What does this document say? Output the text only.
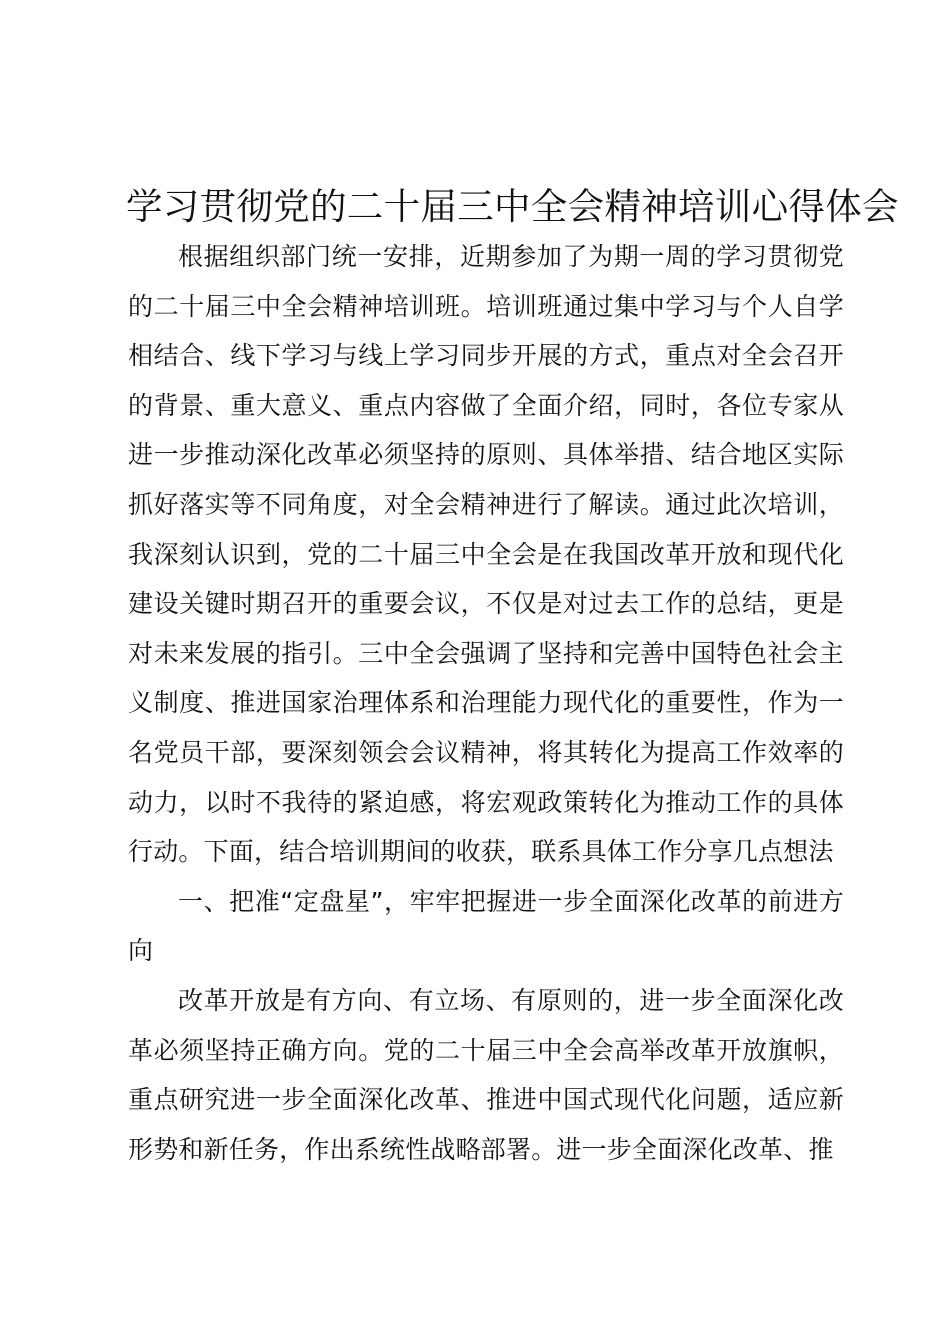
学习贯彻党的二十届三中全会精神培训心得体会

根据组织部门统一安排，近期参加了为期一周的学习贯彻党的二十届三中全会精神培训班。培训班通过集中学习与个人自学相结合、线下学习与线上学习同步开展的方式，重点对全会召开的背景、重大意义、重点内容做了全面介绍，同时，各位专家从进一步推动深化改革必须坚持的原则、具体举措、结合地区实际抓好落实等不同角度，对全会精神进行了解读。通过此次培训，我深刻认识到，党的二十届三中全会是在我国改革开放和现代化建设关键时期召开的重要会议，不仅是对过去工作的总结，更是对未来发展的指引。三中全会强调了坚持和完善中国特色社会主义制度、推进国家治理体系和治理能力现代化的重要性，作为一名党员干部，要深刻领会会议精神，将其转化为提高工作效率的动力，以时不我待的紧迫感，将宏观政策转化为推动工作的具体行动。下面，结合培训期间的收获，联系具体工作分享几点想法

一、把准“定盘星”，牢牢把握进一步全面深化改革的前进方向

改革开放是有方向、有立场、有原则的，进一步全面深化改革必须坚持正确方向。党的二十届三中全会高举改革开放旗帜，重点研究进一步全面深化改革、推进中国式现代化问题，适应新形势和新任务，作出系统性战略部署。进一步全面深化改革、推
